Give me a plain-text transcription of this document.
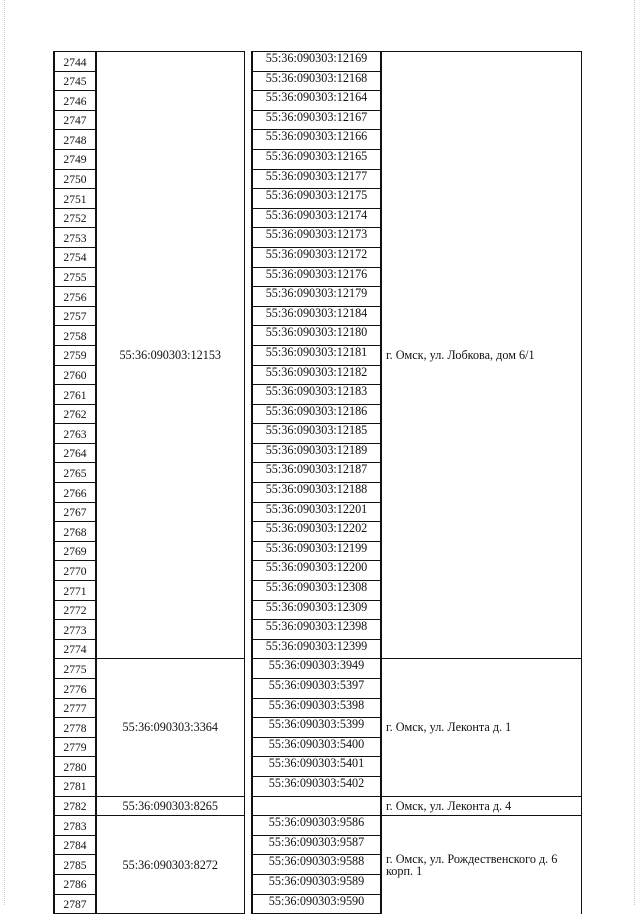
2744	55:36:090303:12153		55:36:090303:12169	г. Омск, ул. Лобкова, дом 6/1
2745			55:36:090303:12168	
2746			55:36:090303:12164	
2747			55:36:090303:12167	
2748			55:36:090303:12166	
2749			55:36:090303:12165	
2750			55:36:090303:12177	
2751			55:36:090303:12175	
2752			55:36:090303:12174	
2753			55:36:090303:12173	
2754			55:36:090303:12172	
2755			55:36:090303:12176	
2756			55:36:090303:12179	
2757			55:36:090303:12184	
2758			55:36:090303:12180	
2759			55:36:090303:12181	
2760			55:36:090303:12182	
2761			55:36:090303:12183	
2762			55:36:090303:12186	
2763			55:36:090303:12185	
2764			55:36:090303:12189	
2765			55:36:090303:12187	
2766			55:36:090303:12188	
2767			55:36:090303:12201	
2768			55:36:090303:12202	
2769			55:36:090303:12199	
2770			55:36:090303:12200	
2771			55:36:090303:12308	
2772			55:36:090303:12309	
2773			55:36:090303:12398	
2774			55:36:090303:12399	
2775	55:36:090303:3364		55:36:090303:3949	г. Омск, ул. Леконта д. 1
2776			55:36:090303:5397	
2777			55:36:090303:5398	
2778			55:36:090303:5399	
2779			55:36:090303:5400	
2780			55:36:090303:5401	
2781			55:36:090303:5402	
2782	55:36:090303:8265			г. Омск, ул. Леконта д. 4
2783	55:36:090303:8272		55:36:090303:9586	г. Омск, ул. Рождественского д. 6 корп. 1
2784			55:36:090303:9587	
2785			55:36:090303:9588	
2786			55:36:090303:9589	
2787			55:36:090303:9590	
